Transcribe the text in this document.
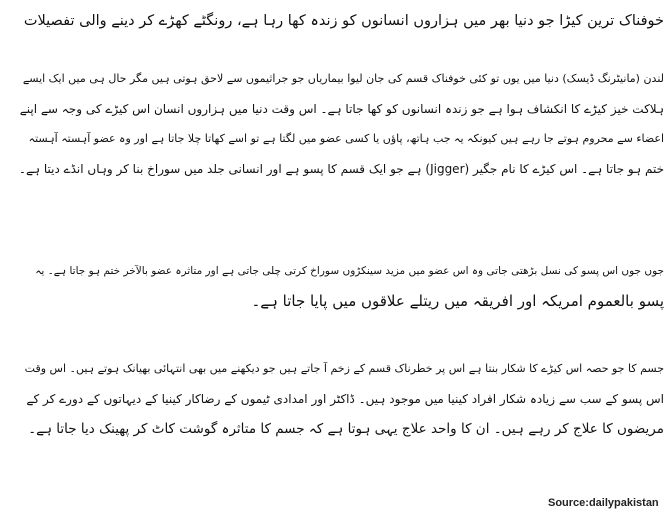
خوفناک ترین کیڑا جو دنیا بھر میں ہزاروں انسانوں کو زندہ کھا رہا ہے، رونگٹے کھڑے کر دینے والی تفصیلات
لندن (مانیٹرنگ ڈیسک) دنیا میں یوں تو کئی خوفناک قسم کی جان لیوا بیماریاں جو جراثیموں سے لاحق ہوتی ہیں مگر حال ہی میں ایک ایسے
ہلاکت خیز کیڑے کا انکشاف ہوا ہے جو زندہ انسانوں کو کھا جاتا ہے۔ اس وقت دنیا میں ہزاروں انسان اس کیڑے کی وجہ سے اپنے
اعضاء سے محروم ہوتے جا رہے ہیں کیونکہ یہ جب ہاتھ، پاؤں یا کسی عضو میں لگتا ہے تو اسے کھاتا چلا جاتا ہے اور وہ عضو آہستہ آہستہ
ختم ہو جاتا ہے۔ اس کیڑے کا نام جگیر (Jigger) ہے جو ایک قسم کا پسو ہے اور انسانی جلد میں سوراخ بنا کر وہاں انڈے دیتا ہے۔
جوں جوں اس پسو کی نسل بڑھتی جاتی وہ اس عضو میں مزید سینکڑوں سوراخ کرتی چلی جاتی ہے اور متاثرہ عضو بالآخر ختم ہو جاتا ہے۔ یہ
پسو بالعموم امریکہ اور افریقہ میں ریتلے علاقوں میں پایا جاتا ہے۔
جسم کا جو حصہ اس کیڑے کا شکار بنتا ہے اس پر خطرناک قسم کے زخم آ جاتے ہیں جو دیکھنے میں بھی انتہائی بھیانک ہوتے ہیں۔ اس وقت
اس پسو کے سب سے زیادہ شکار افراد کینیا میں موجود ہیں۔ ڈاکٹر اور امدادی ٹیموں کے رضاکار کینیا کے دیہاتوں کے دورے کر کے
مریضوں کا علاج کر رہے ہیں۔ ان کا واحد علاج یہی ہوتا ہے کہ جسم کا متاثرہ گوشت کاٹ کر پھینک دیا جاتا ہے۔
Source:dailypakistan
